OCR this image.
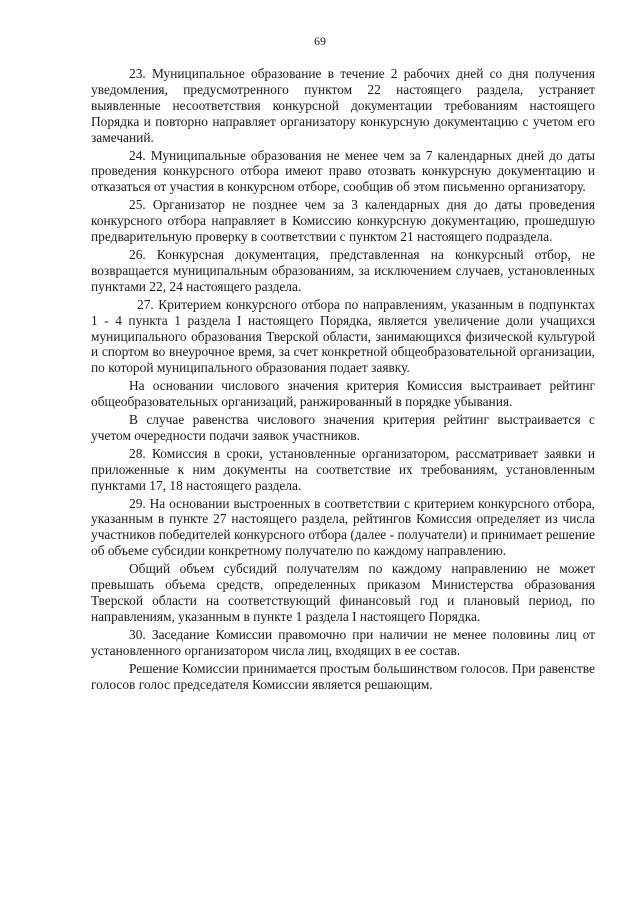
69

23. Муниципальное образование в течение 2 рабочих дней со дня получения уведомления, предусмотренного пунктом 22 настоящего раздела, устраняет выявленные несоответствия конкурсной документации требованиям настоящего Порядка и повторно направляет организатору конкурсную документацию с учетом его замечаний.

24. Муниципальные образования не менее чем за 7 календарных дней до даты проведения конкурсного отбора имеют право отозвать конкурсную документацию и отказаться от участия в конкурсном отборе, сообщив об этом письменно организатору.

25. Организатор не позднее чем за 3 календарных дня до даты проведения конкурсного отбора направляет в Комиссию конкурсную документацию, прошедшую предварительную проверку в соответствии с пунктом 21 настоящего подраздела.

26. Конкурсная документация, представленная на конкурсный отбор, не возвращается муниципальным образованиям, за исключением случаев, установленных пунктами 22, 24 настоящего раздела.

27. Критерием конкурсного отбора по направлениям, указанным в подпунктах 1 - 4 пункта 1 раздела I настоящего Порядка, является увеличение доли учащихся муниципального образования Тверской области, занимающихся физической культурой и спортом во внеурочное время, за счет конкретной общеобразовательной организации, по которой муниципального образования подает заявку.

На основании числового значения критерия Комиссия выстраивает рейтинг общеобразовательных организаций, ранжированный в порядке убывания.

В случае равенства числового значения критерия рейтинг выстраивается с учетом очередности подачи заявок участников.

28. Комиссия в сроки, установленные организатором, рассматривает заявки и приложенные к ним документы на соответствие их требованиям, установленным пунктами 17, 18 настоящего раздела.

29. На основании выстроенных в соответствии с критерием конкурсного отбора, указанным в пункте 27 настоящего раздела, рейтингов Комиссия определяет из числа участников победителей конкурсного отбора (далее - получатели) и принимает решение об объеме субсидии конкретному получателю по каждому направлению.

Общий объем субсидий получателям по каждому направлению не может превышать объема средств, определенных приказом Министерства образования Тверской области на соответствующий финансовый год и плановый период, по направлениям, указанным в пункте 1 раздела I настоящего Порядка.

30. Заседание Комиссии правомочно при наличии не менее половины лиц от установленного организатором числа лиц, входящих в ее состав.

Решение Комиссии принимается простым большинством голосов. При равенстве голосов голос председателя Комиссии является решающим.
